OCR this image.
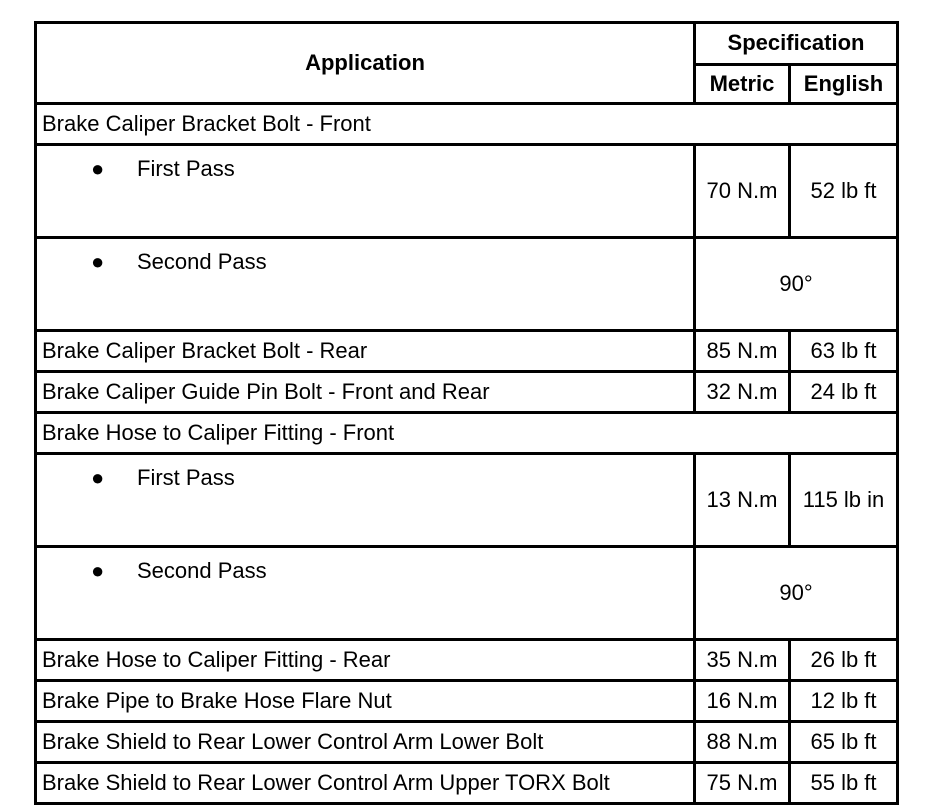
Application	Specification	
	Metric	English
Brake Caliper Bracket Bolt - Front		
● First Pass	70 N.m	52 lb ft
● Second Pass	90°	
Brake Caliper Bracket Bolt - Rear	85 N.m	63 lb ft
Brake Caliper Guide Pin Bolt - Front and Rear	32 N.m	24 lb ft
Brake Hose to Caliper Fitting - Front		
● First Pass	13 N.m	115 lb in
● Second Pass	90°	
Brake Hose to Caliper Fitting - Rear	35 N.m	26 lb ft
Brake Pipe to Brake Hose Flare Nut	16 N.m	12 lb ft
Brake Shield to Rear Lower Control Arm Lower Bolt	88 N.m	65 lb ft
Brake Shield to Rear Lower Control Arm Upper TORX Bolt	75 N.m	55 lb ft
